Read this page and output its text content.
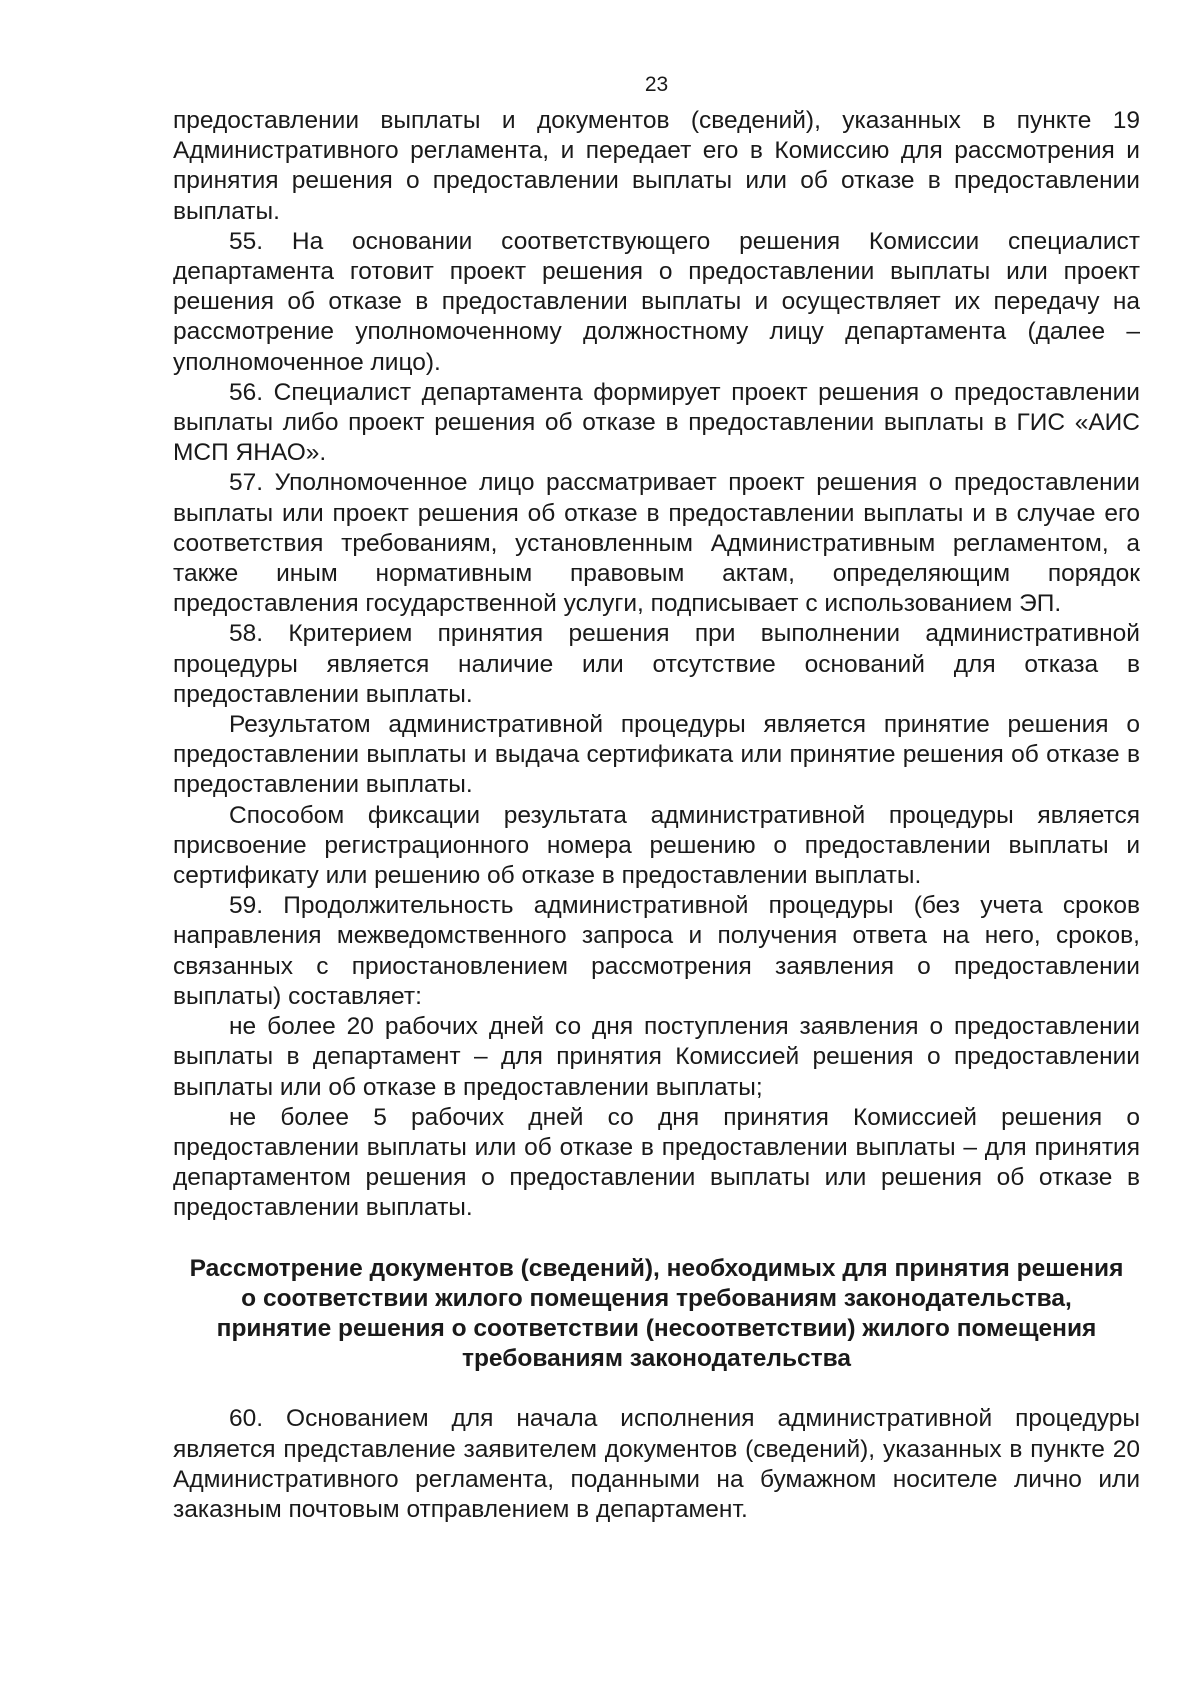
23

предоставлении выплаты и документов (сведений), указанных в пункте 19 Административного регламента, и передает его в Комиссию для рассмотрения и принятия решения о предоставлении выплаты или об отказе в предоставлении выплаты.

55. На основании соответствующего решения Комиссии специалист департамента готовит проект решения о предоставлении выплаты или проект решения об отказе в предоставлении выплаты и осуществляет их передачу на рассмотрение уполномоченному должностному лицу департамента (далее – уполномоченное лицо).

56. Специалист департамента формирует проект решения о предоставлении выплаты либо проект решения об отказе в предоставлении выплаты в ГИС «АИС МСП ЯНАО».

57. Уполномоченное лицо рассматривает проект решения о предоставлении выплаты или проект решения об отказе в предоставлении выплаты и в случае его соответствия требованиям, установленным Административным регламентом, а также иным нормативным правовым актам, определяющим порядок предоставления государственной услуги, подписывает с использованием ЭП.

58. Критерием принятия решения при выполнении административной процедуры является наличие или отсутствие оснований для отказа в предоставлении выплаты.

Результатом административной процедуры является принятие решения о предоставлении выплаты и выдача сертификата или принятие решения об отказе в предоставлении выплаты.

Способом фиксации результата административной процедуры является присвоение регистрационного номера решению о предоставлении выплаты и сертификату или решению об отказе в предоставлении выплаты.

59. Продолжительность административной процедуры (без учета сроков направления межведомственного запроса и получения ответа на него, сроков, связанных с приостановлением рассмотрения заявления о предоставлении выплаты) составляет:

не более 20 рабочих дней со дня поступления заявления о предоставлении выплаты в департамент – для принятия Комиссией решения о предоставлении выплаты или об отказе в предоставлении выплаты;

не более 5 рабочих дней со дня принятия Комиссией решения о предоставлении выплаты или об отказе в предоставлении выплаты – для принятия департаментом решения о предоставлении выплаты или решения об отказе в предоставлении выплаты.

Рассмотрение документов (сведений), необходимых для принятия решения о соответствии жилого помещения требованиям законодательства, принятие решения о соответствии (несоответствии) жилого помещения требованиям законодательства

60. Основанием для начала исполнения административной процедуры является представление заявителем документов (сведений), указанных в пункте 20 Административного регламента, поданными на бумажном носителе лично или заказным почтовым отправлением в департамент.
